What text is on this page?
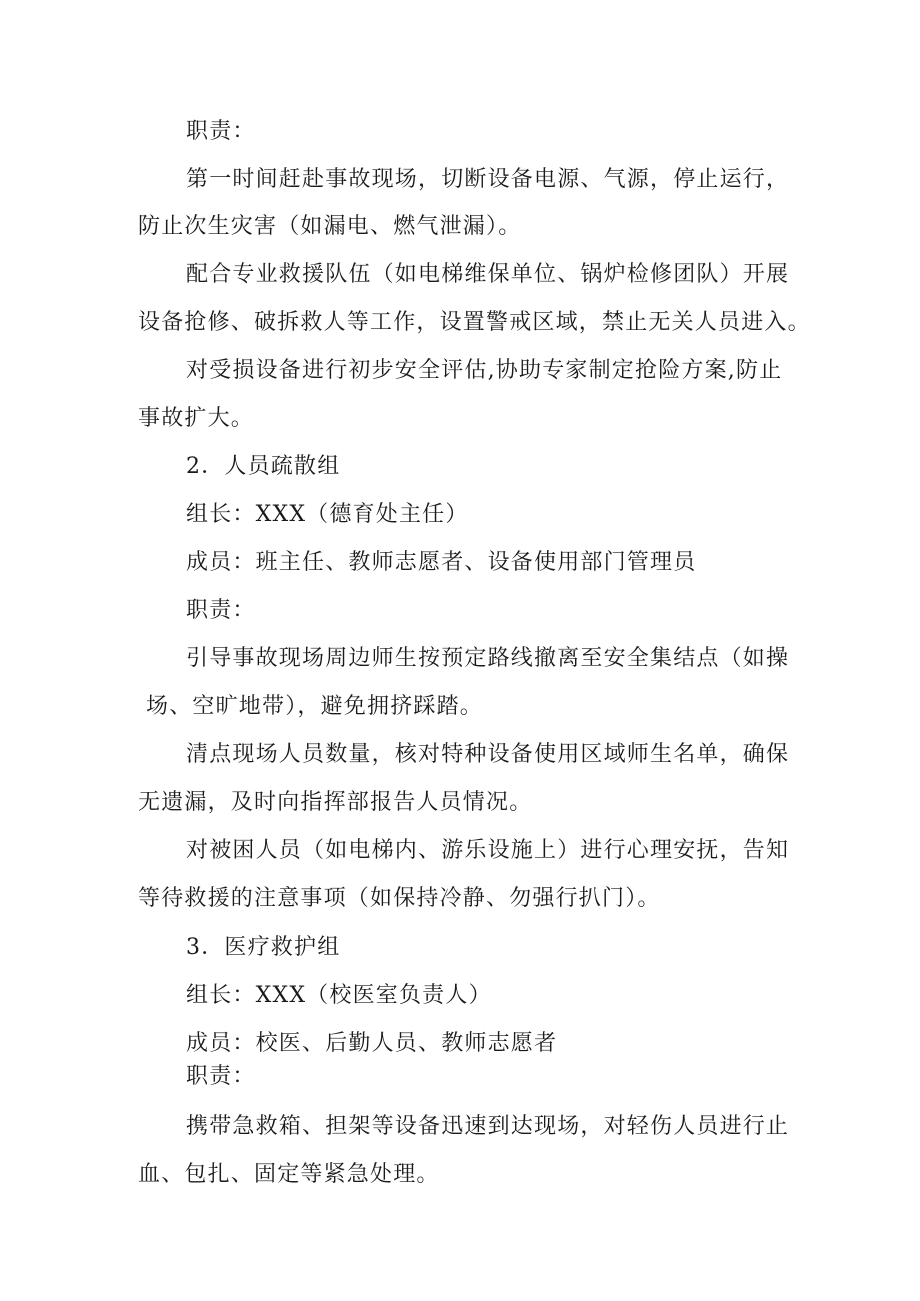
职责：
第一时间赶赴事故现场，切断设备电源、气源，停止运行，
防止次生灾害（如漏电、燃气泄漏）。
配合专业救援队伍（如电梯维保单位、锅炉检修团队）开展
设备抢修、破拆救人等工作，设置警戒区域，禁止无关人员进入。
对受损设备进行初步安全评估,协助专家制定抢险方案,防止
事故扩大。
2．人员疏散组
组长：XXX（德育处主任）
成员：班主任、教师志愿者、设备使用部门管理员
职责：
引导事故现场周边师生按预定路线撤离至安全集结点（如操
场、空旷地带），避免拥挤踩踏。
清点现场人员数量，核对特种设备使用区域师生名单，确保
无遗漏，及时向指挥部报告人员情况。
对被困人员（如电梯内、游乐设施上）进行心理安抚，告知
等待救援的注意事项（如保持冷静、勿强行扒门）。
3．医疗救护组
组长：XXX（校医室负责人）
成员：校医、后勤人员、教师志愿者
职责：
携带急救箱、担架等设备迅速到达现场，对轻伤人员进行止
血、包扎、固定等紧急处理。
